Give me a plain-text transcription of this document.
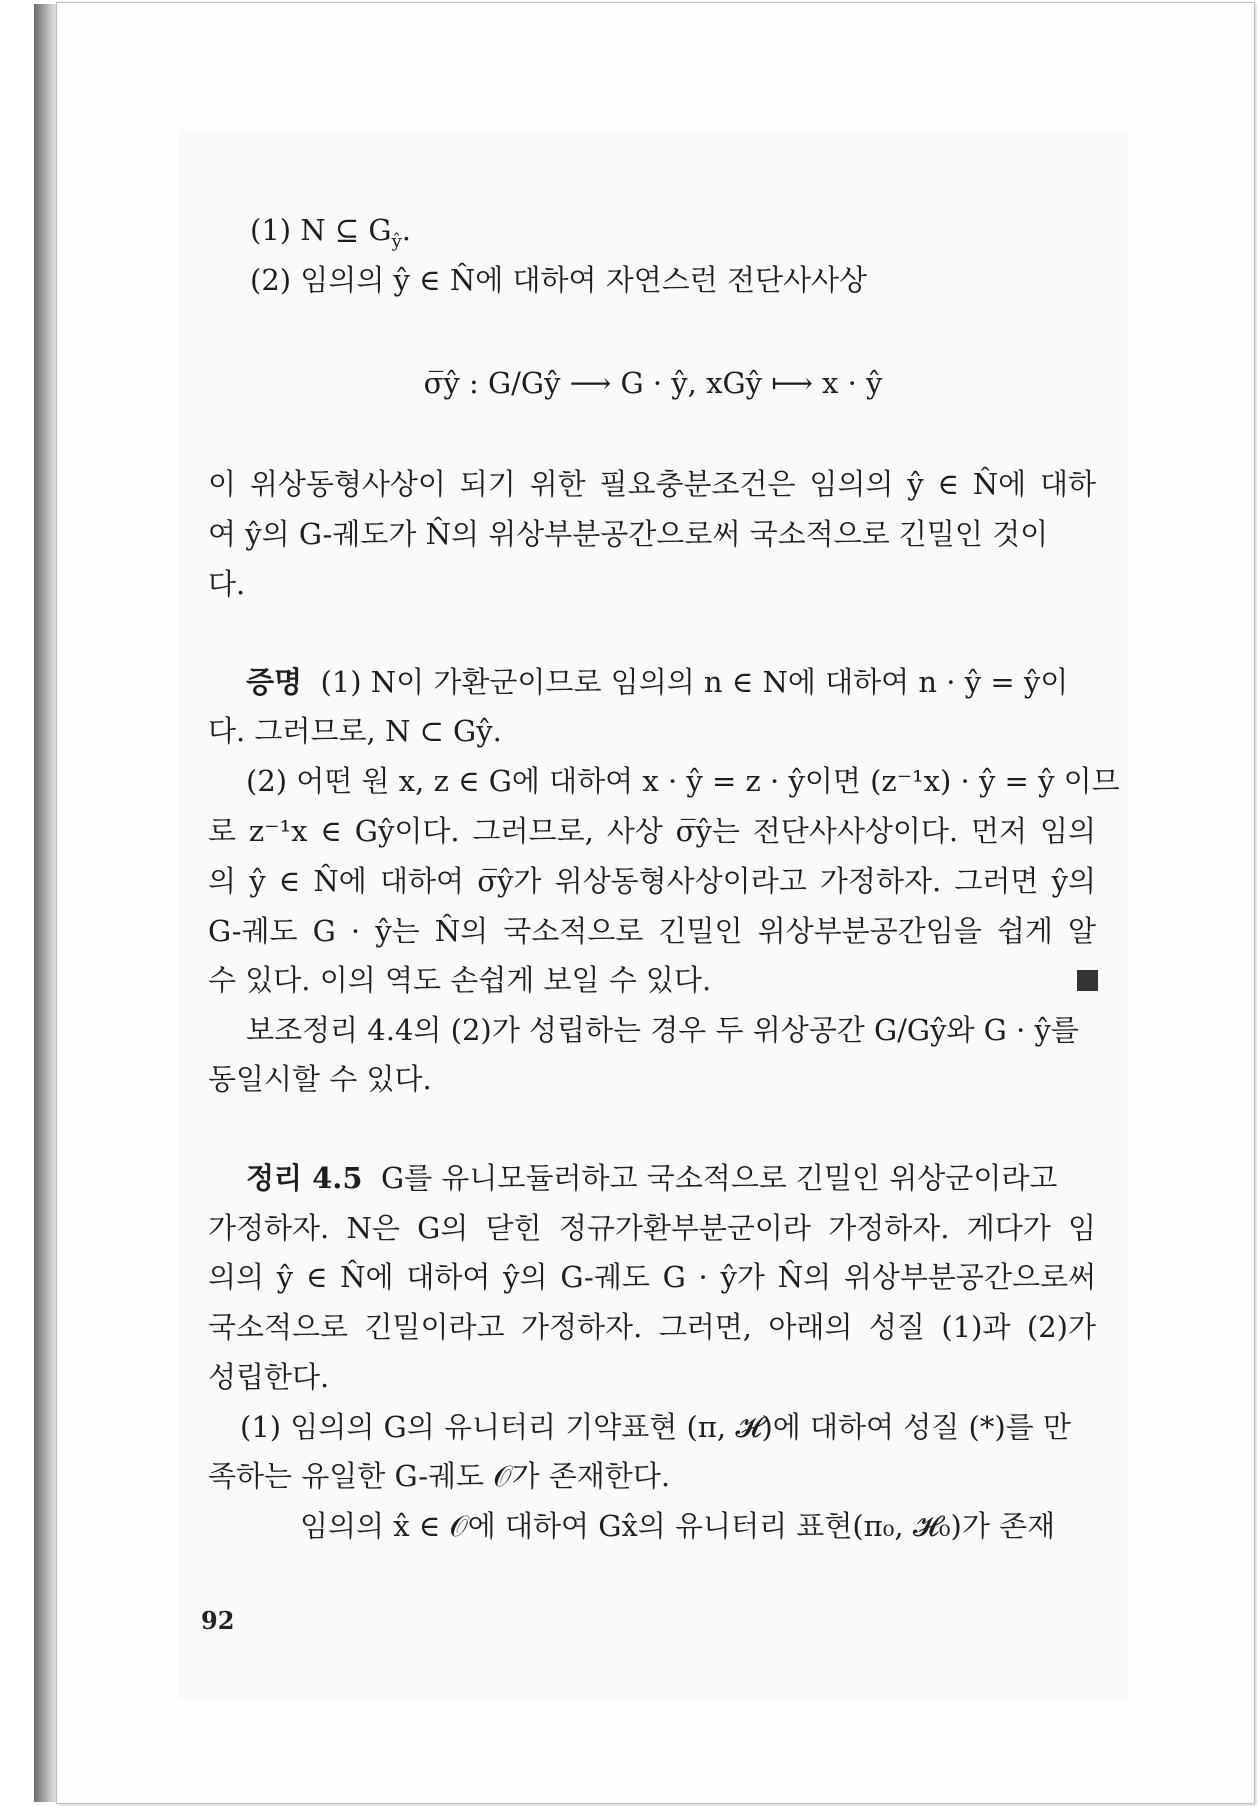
(1) N ⊆ $G_ŷ$.
(2) 임의의 ŷ ∈ N̂에 대하여 자연스런 전단사사상
σ̅ŷ : G/Gŷ ⟶ G · ŷ, xGŷ ⟼ x · ŷ
이 위상동형사상이 되기 위한 필요충분조건은 임의의 ŷ ∈ N̂에 대하
여 ŷ의 G-궤도가 N̂의 위상부분공간으로써 국소적으로 긴밀인 것이
다.
증명 (1) N이 가환군이므로 임의의 n ∈ N에 대하여 n · ŷ = ŷ이
다. 그러므로, N ⊂ Gŷ.
(2) 어떤 원 x, z ∈ G에 대하여 x · ŷ = z · ŷ이면 (z⁻¹x) · ŷ = ŷ 이므
로 z⁻¹x ∈ Gŷ이다. 그러므로, 사상 σ̅ŷ는 전단사사상이다. 먼저 임의
의 ŷ ∈ N̂에 대하여 σ̅ŷ가 위상동형사상이라고 가정하자. 그러면 ŷ의
G-궤도 G · ŷ는 N̂의 국소적으로 긴밀인 위상부분공간임을 쉽게 알
수 있다. 이의 역도 손쉽게 보일 수 있다.
보조정리 4.4의 (2)가 성립하는 경우 두 위상공간 G/Gŷ와 G · ŷ를
동일시할 수 있다.
정리 4.5 G를 유니모듈러하고 국소적으로 긴밀인 위상군이라고
가정하자. N은 G의 닫힌 정규가환부분군이라 가정하자. 게다가 임
의의 ŷ ∈ N̂에 대하여 ŷ의 G-궤도 G · ŷ가 N̂의 위상부분공간으로써
국소적으로 긴밀이라고 가정하자. 그러면, 아래의 성질 (1)과 (2)가
성립한다.
(1) 임의의 G의 유니터리 기약표현 (π, 𝓗)에 대하여 성질 (*)를 만
족하는 유일한 G-궤도 𝒪가 존재한다.
임의의 x̂ ∈ 𝒪에 대하여 Gx̂의 유니터리 표현(π₀, 𝓗₀)가 존재
92
